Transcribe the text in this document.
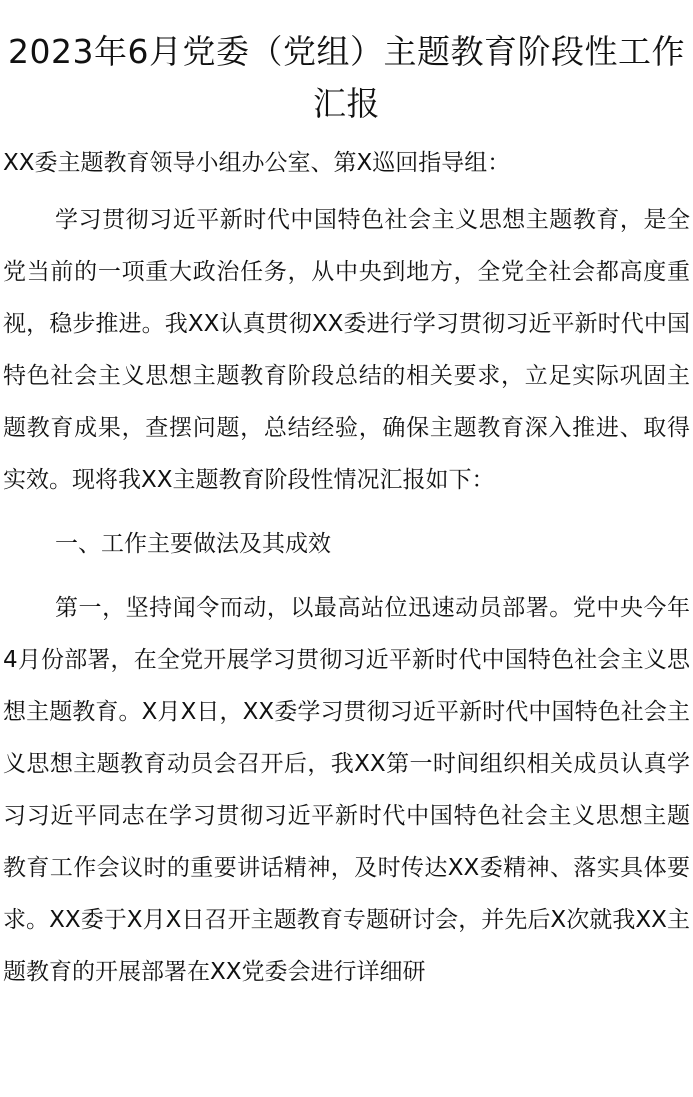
2023年6月党委（党组）主题教育阶段性工作汇报
XX委主题教育领导小组办公室、第X巡回指导组：

学习贯彻习近平新时代中国特色社会主义思想主题教育，是全党当前的一项重大政治任务，从中央到地方，全党全社会都高度重视，稳步推进。我XX认真贯彻XX委进行学习贯彻习近平新时代中国特色社会主义思想主题教育阶段总结的相关要求，立足实际巩固主题教育成果，查摆问题，总结经验，确保主题教育深入推进、取得实效。现将我XX主题教育阶段性情况汇报如下：

一、工作主要做法及其成效

第一，坚持闻令而动，以最高站位迅速动员部署。党中央今年4月份部署，在全党开展学习贯彻习近平新时代中国特色社会主义思想主题教育。X月X日，XX委学习贯彻习近平新时代中国特色社会主义思想主题教育动员会召开后，我XX第一时间组织相关成员认真学习习近平同志在学习贯彻习近平新时代中国特色社会主义思想主题教育工作会议时的重要讲话精神，及时传达XX委精神、落实具体要求。XX委于X月X日召开主题教育专题研讨会，并先后X次就我XX主题教育的开展部署在XX党委会进行详细研
